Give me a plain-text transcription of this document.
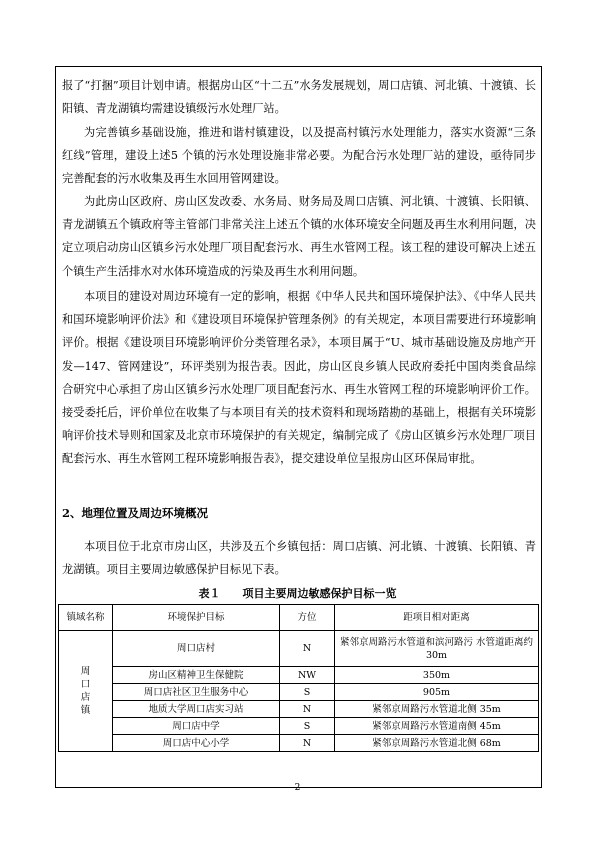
报了“打捆”项目计划申请。根据房山区“十二五”水务发展规划，周口店镇、河北镇、十渡镇、长阳镇、青龙湖镇均需建设镇级污水处理厂站。

为完善镇乡基础设施，推进和谐村镇建设，以及提高村镇污水处理能力，落实水资源“三条红线”管理，建设上述5 个镇的污水处理设施非常必要。为配合污水处理厂站的建设，亟待同步完善配套的污水收集及再生水回用管网建设。

为此房山区政府、房山区发改委、水务局、财务局及周口店镇、河北镇、十渡镇、长阳镇、青龙湖镇五个镇政府等主管部门非常关注上述五个镇的水体环境安全问题及再生水利用问题，决定立项启动房山区镇乡污水处理厂项目配套污水、再生水管网工程。该工程的建设可解决上述五个镇生产生活排水对水体环境造成的污染及再生水利用问题。

本项目的建设对周边环境有一定的影响，根据《中华人民共和国环境保护法》、《中华人民共和国环境影响评价法》和《建设项目环境保护管理条例》的有关规定，本项目需要进行环境影响评价。根据《建设项目环境影响评价分类管理名录》，本项目属于“U、城市基础设施及房地产开发—147、管网建设”，环评类别为报告表。因此，房山区良乡镇人民政府委托中国肉类食品综合研究中心承担了房山区镇乡污水处理厂项目配套污水、再生水管网工程的环境影响评价工作。接受委托后，评价单位在收集了与本项目有关的技术资料和现场踏勘的基础上，根据有关环境影响评价技术导则和国家及北京市环境保护的有关规定，编制完成了《房山区镇乡污水处理厂项目配套污水、再生水管网工程环境影响报告表》，提交建设单位呈报房山区环保局审批。

2、地理位置及周边环境概况

本项目位于北京市房山区，共涉及五个乡镇包括：周口店镇、河北镇、十渡镇、长阳镇、青龙湖镇。项目主要周边敏感保护目标见下表。

表１　　项目主要周边敏感保护目标一览
镇域名称	环境保护目标	方位	距项目相对距离

周
口
店
镇	周口店村	N	紧邻京周路污水管道和滨河路污 水管道距离约30m
	房山区精神卫生保健院	NW	350m
	周口店社区卫生服务中心	S	905m
	地质大学周口店实习站	N	紧邻京周路污水管道北侧 35m
	周口店中学	S	紧邻京周路污水管道南侧 45m
	周口店中心小学	N	紧邻京周路污水管道北侧 68m
2
